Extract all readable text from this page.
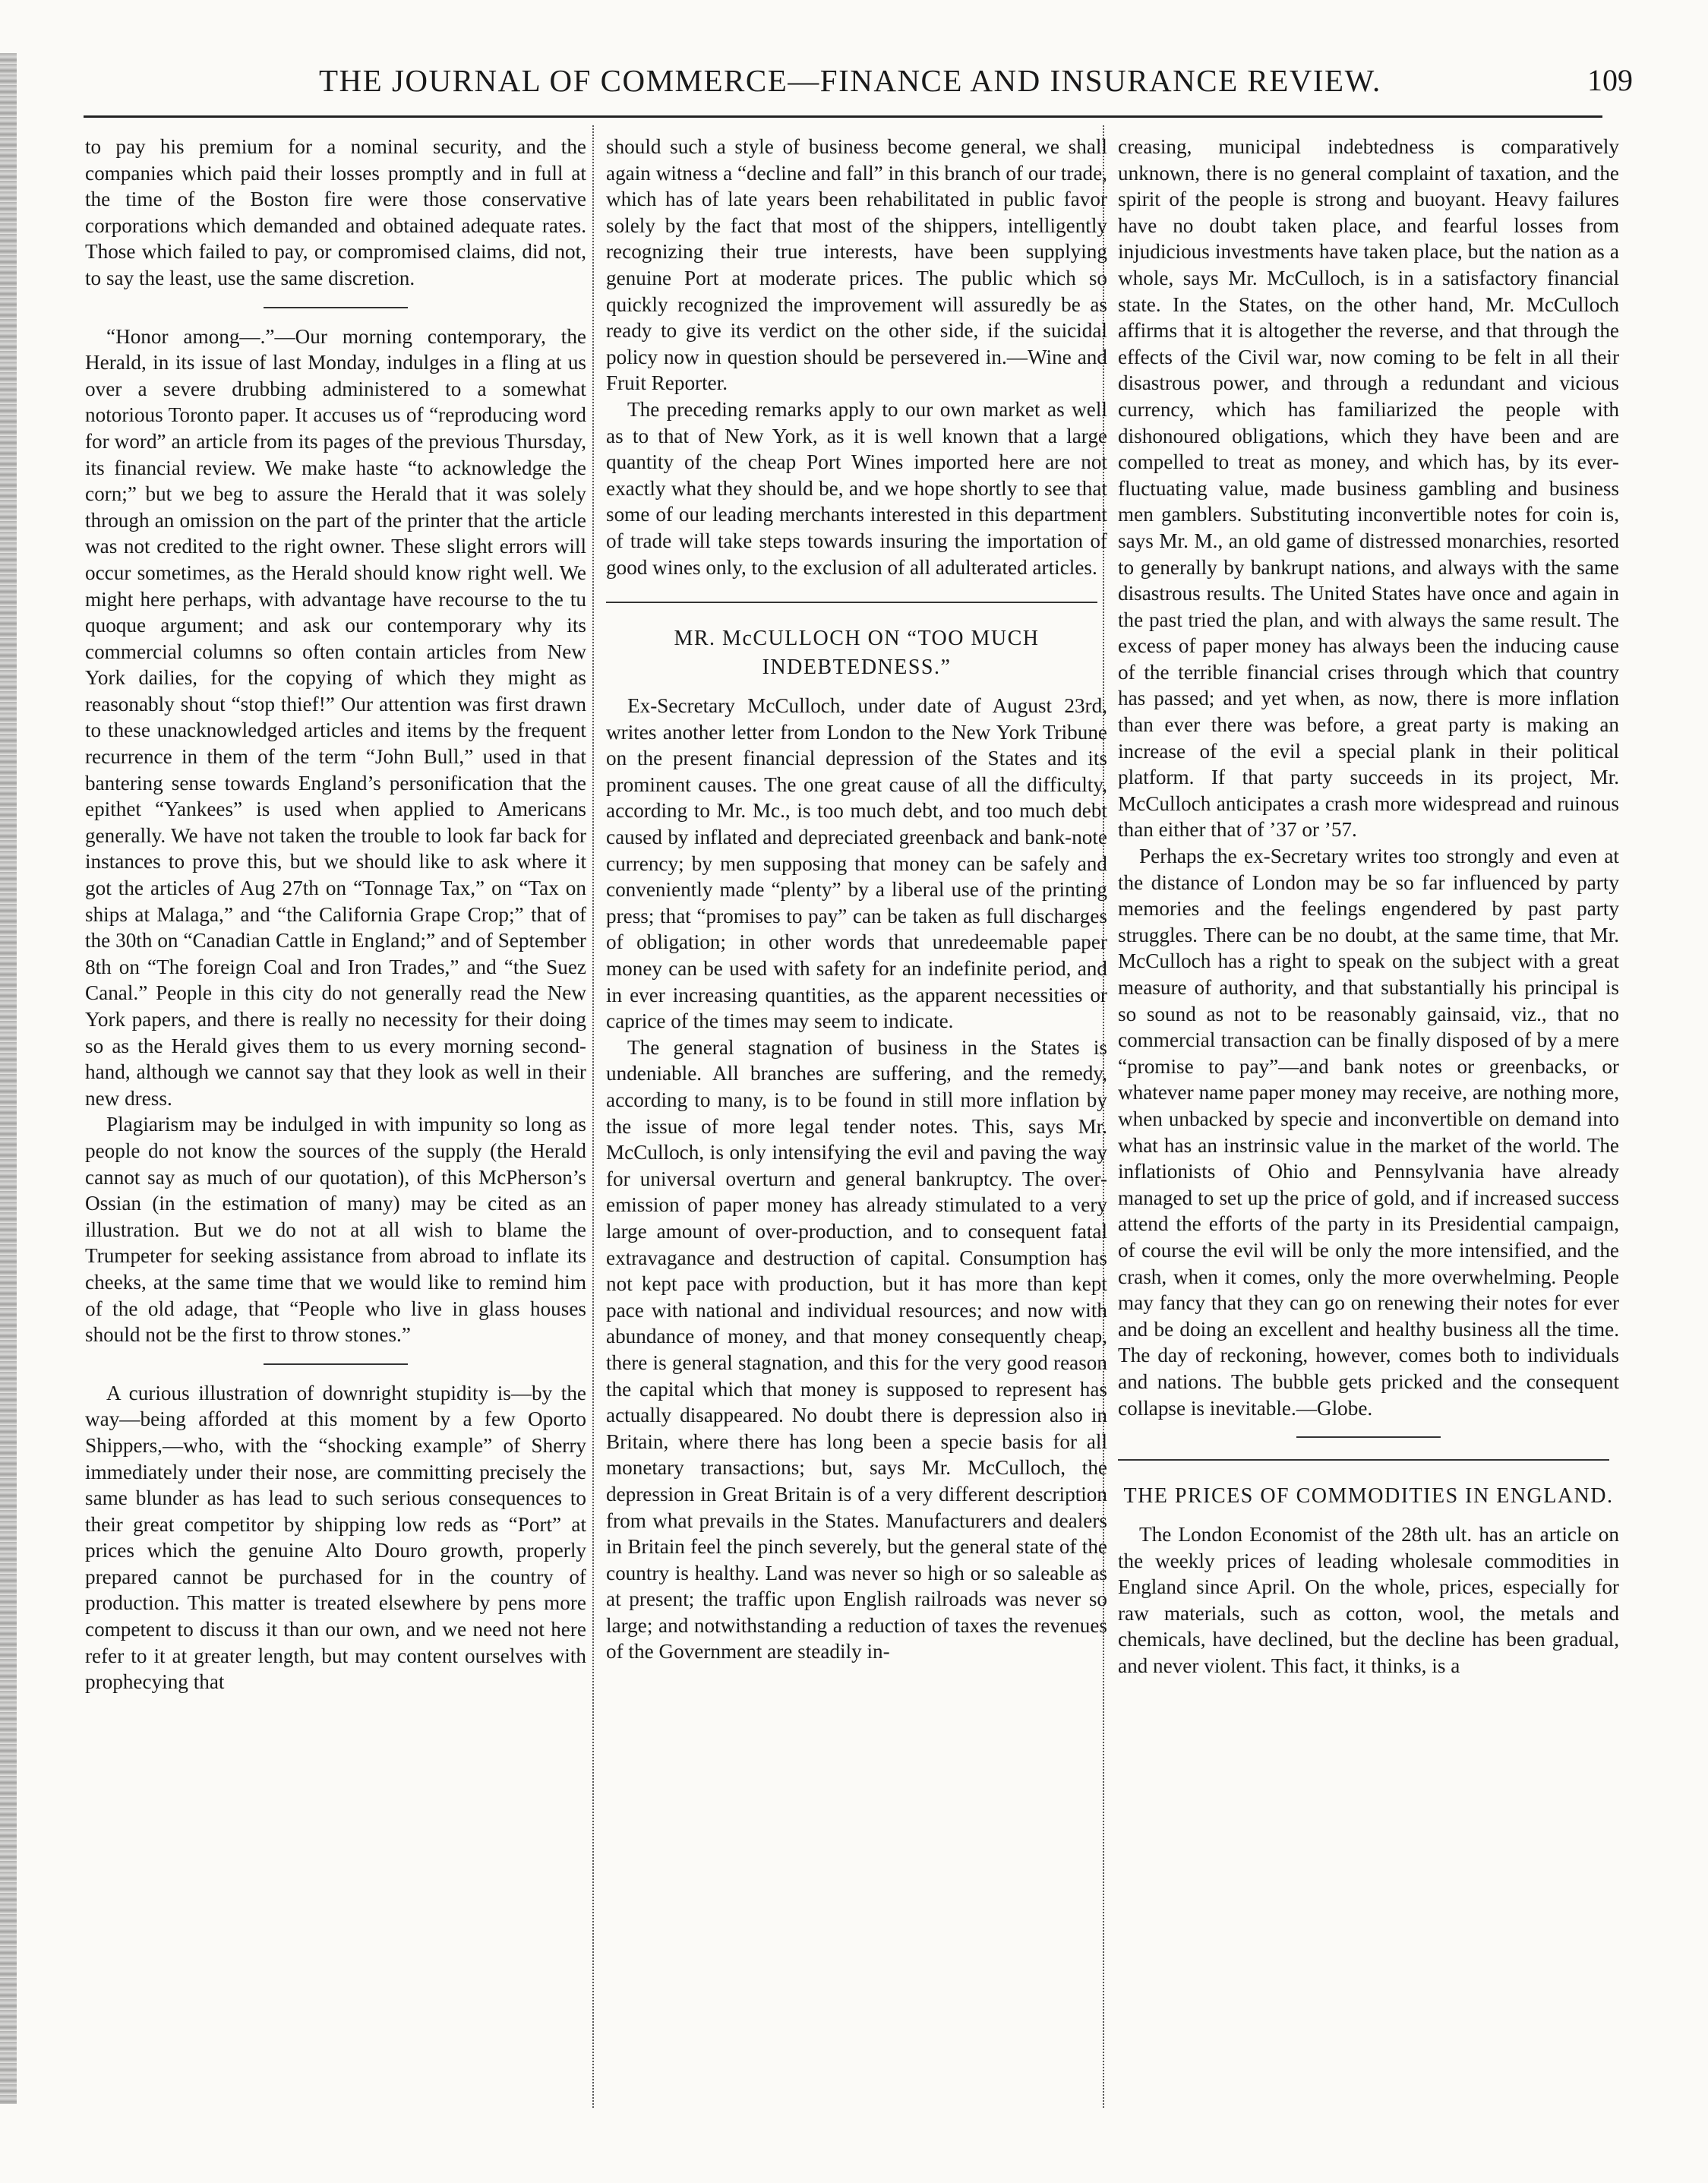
THE JOURNAL OF COMMERCE—FINANCE AND INSURANCE REVIEW.	109

to pay his premium for a nominal security, and the companies which paid their losses promptly and in full at the time of the Boston fire were those conservative corporations which demanded and obtained adequate rates. Those which failed to pay, or compromised claims, did not, to say the least, use the same discretion.

“Honor among—.”—Our morning contemporary, the Herald, in its issue of last Monday, indulges in a fling at us over a severe drubbing administered to a somewhat notorious Toronto paper. It accuses us of “reproducing word for word” an article from its pages of the previous Thursday, its financial review. We make haste “to acknowledge the corn;” but we beg to assure the Herald that it was solely through an omission on the part of the printer that the article was not credited to the right owner. These slight errors will occur sometimes, as the Herald should know right well. We might here perhaps, with advantage have recourse to the tu quoque argument; and ask our contemporary why its commercial columns so often contain articles from New York dailies, for the copying of which they might as reasonably shout “stop thief!” Our attention was first drawn to these unacknowledged articles and items by the frequent recurrence in them of the term “John Bull,” used in that bantering sense towards England’s personification that the epithet “Yankees” is used when applied to Americans generally. We have not taken the trouble to look far back for instances to prove this, but we should like to ask where it got the articles of Aug 27th on “Tonnage Tax,” on “Tax on ships at Malaga,” and “the California Grape Crop;” that of the 30th on “Canadian Cattle in England;” and of September 8th on “The foreign Coal and Iron Trades,” and “the Suez Canal.” People in this city do not generally read the New York papers, and there is really no necessity for their doing so as the Herald gives them to us every morning second-hand, although we cannot say that they look as well in their new dress.

Plagiarism may be indulged in with impunity so long as people do not know the sources of the supply (the Herald cannot say as much of our quotation), of this McPherson’s Ossian (in the estimation of many) may be cited as an illustration. But we do not at all wish to blame the Trumpeter for seeking assistance from abroad to inflate its cheeks, at the same time that we would like to remind him of the old adage, that “People who live in glass houses should not be the first to throw stones.”

A curious illustration of downright stupidity is—by the way—being afforded at this moment by a few Oporto Shippers,—who, with the “shocking example” of Sherry immediately under their nose, are committing precisely the same blunder as has lead to such serious consequences to their great competitor by shipping low reds as “Port” at prices which the genuine Alto Douro growth, properly prepared cannot be purchased for in the country of production. This matter is treated elsewhere by pens more competent to discuss it than our own, and we need not here refer to it at greater length, but may content ourselves with prophecying that

should such a style of business become general, we shall again witness a “decline and fall” in this branch of our trade, which has of late years been rehabilitated in public favor solely by the fact that most of the shippers, intelligently recognizing their true interests, have been supplying genuine Port at moderate prices. The public which so quickly recognized the improvement will assuredly be as ready to give its verdict on the other side, if the suicidal policy now in question should be persevered in.—Wine and Fruit Reporter.

The preceding remarks apply to our own market as well as to that of New York, as it is well known that a large quantity of the cheap Port Wines imported here are not exactly what they should be, and we hope shortly to see that some of our leading merchants interested in this department of trade will take steps towards insuring the importation of good wines only, to the exclusion of all adulterated articles.

MR. McCULLOCH ON “TOO MUCH INDEBTEDNESS.”

Ex-Secretary McCulloch, under date of August 23rd, writes another letter from London to the New York Tribune on the present financial depression of the States and its prominent causes. The one great cause of all the difficulty, according to Mr. Mc., is too much debt, and too much debt caused by inflated and depreciated greenback and bank-note currency; by men supposing that money can be safely and conveniently made “plenty” by a liberal use of the printing press; that “promises to pay” can be taken as full discharges of obligation; in other words that unredeemable paper money can be used with safety for an indefinite period, and in ever increasing quantities, as the apparent necessities or caprice of the times may seem to indicate.

The general stagnation of business in the States is undeniable. All branches are suffering, and the remedy, according to many, is to be found in still more inflation by the issue of more legal tender notes. This, says Mr. McCulloch, is only intensifying the evil and paving the way for universal overturn and general bankruptcy. The over-emission of paper money has already stimulated to a very large amount of over-production, and to consequent fatal extravagance and destruction of capital. Consumption has not kept pace with production, but it has more than kept pace with national and individual resources; and now with abundance of money, and that money consequently cheap, there is general stagnation, and this for the very good reason the capital which that money is supposed to represent has actually disappeared. No doubt there is depression also in Britain, where there has long been a specie basis for all monetary transactions; but, says Mr. McCulloch, the depression in Great Britain is of a very different description from what prevails in the States. Manufacturers and dealers in Britain feel the pinch severely, but the general state of the country is healthy. Land was never so high or so saleable as at present; the traffic upon English railroads was never so large; and notwithstanding a reduction of taxes the revenues of the Government are steadily in-

creasing, municipal indebtedness is comparatively unknown, there is no general complaint of taxation, and the spirit of the people is strong and buoyant. Heavy failures have no doubt taken place, and fearful losses from injudicious investments have taken place, but the nation as a whole, says Mr. McCulloch, is in a satisfactory financial state. In the States, on the other hand, Mr. McCulloch affirms that it is altogether the reverse, and that through the effects of the Civil war, now coming to be felt in all their disastrous power, and through a redundant and vicious currency, which has familiarized the people with dishonoured obligations, which they have been and are compelled to treat as money, and which has, by its ever-fluctuating value, made business gambling and business men gamblers. Substituting inconvertible notes for coin is, says Mr. M., an old game of distressed monarchies, resorted to generally by bankrupt nations, and always with the same disastrous results. The United States have once and again in the past tried the plan, and with always the same result. The excess of paper money has always been the inducing cause of the terrible financial crises through which that country has passed; and yet when, as now, there is more inflation than ever there was before, a great party is making an increase of the evil a special plank in their political platform. If that party succeeds in its project, Mr. McCulloch anticipates a crash more widespread and ruinous than either that of ’37 or ’57.

Perhaps the ex-Secretary writes too strongly and even at the distance of London may be so far influenced by party memories and the feelings engendered by past party struggles. There can be no doubt, at the same time, that Mr. McCulloch has a right to speak on the subject with a great measure of authority, and that substantially his principal is so sound as not to be reasonably gainsaid, viz., that no commercial transaction can be finally disposed of by a mere “promise to pay”—and bank notes or greenbacks, or whatever name paper money may receive, are nothing more, when unbacked by specie and inconvertible on demand into what has an instrinsic value in the market of the world. The inflationists of Ohio and Pennsylvania have already managed to set up the price of gold, and if increased success attend the efforts of the party in its Presidential campaign, of course the evil will be only the more intensified, and the crash, when it comes, only the more overwhelming. People may fancy that they can go on renewing their notes for ever and be doing an excellent and healthy business all the time. The day of reckoning, however, comes both to individuals and nations. The bubble gets pricked and the consequent collapse is inevitable.—Globe.

THE PRICES OF COMMODITIES IN ENGLAND.

The London Economist of the 28th ult. has an article on the weekly prices of leading wholesale commodities in England since April. On the whole, prices, especially for raw materials, such as cotton, wool, the metals and chemicals, have declined, but the decline has been gradual, and never violent. This fact, it thinks, is a
